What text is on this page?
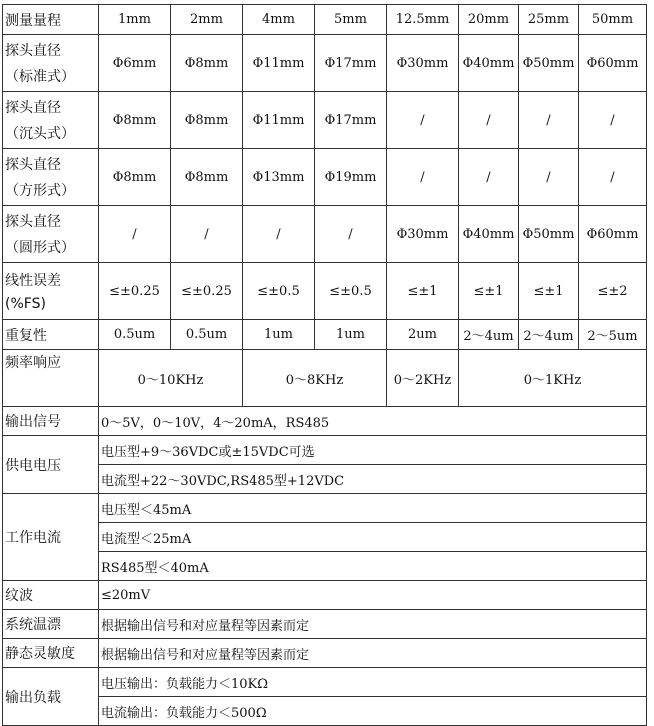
测量量程	1mm	2mm	4mm	5mm	12.5mm	20mm	25mm	50mm

探头直径
（标准式）	Φ6mm	Φ8mm	Φ11mm	Φ17mm	Φ30mm	Φ40mm	Φ50mm	Φ60mm

探头直径
（沉头式）	Φ8mm	Φ8mm	Φ11mm	Φ17mm	/	/	/	/

探头直径
（方形式）	Φ8mm	Φ8mm	Φ13mm	Φ19mm	/	/	/	/

探头直径
（圆形式）	/	/	/	/	Φ30mm	Φ40mm	Φ50mm	Φ60mm

线性误差
(%FS)	≤±0.25	≤±0.25	≤±0.5	≤±0.5	≤±1	≤±1	≤±1	≤±2
重复性	0.5um	0.5um	1um	1um	2um	2～4um	2～4um	2～5um
频率响应	0～10KHz		0～8KHz		0～2KHz	0～1KHz		
输出信号	0～5V，0～10V，4～20mA，RS485							
供电电压	电压型+9～36VDC或±15VDC可选							
	电流型+22～30VDC,RS485型+12VDC							
工作电流	电压型＜45mA							
	电流型＜25mA							
	RS485型＜40mA							
纹波	≤20mV							
系统温漂	根据输出信号和对应量程等因素而定							
静态灵敏度	根据输出信号和对应量程等因素而定							
输出负载	电压输出：负载能力＜10KΩ							
	电流输出：负载能力＜500Ω							
